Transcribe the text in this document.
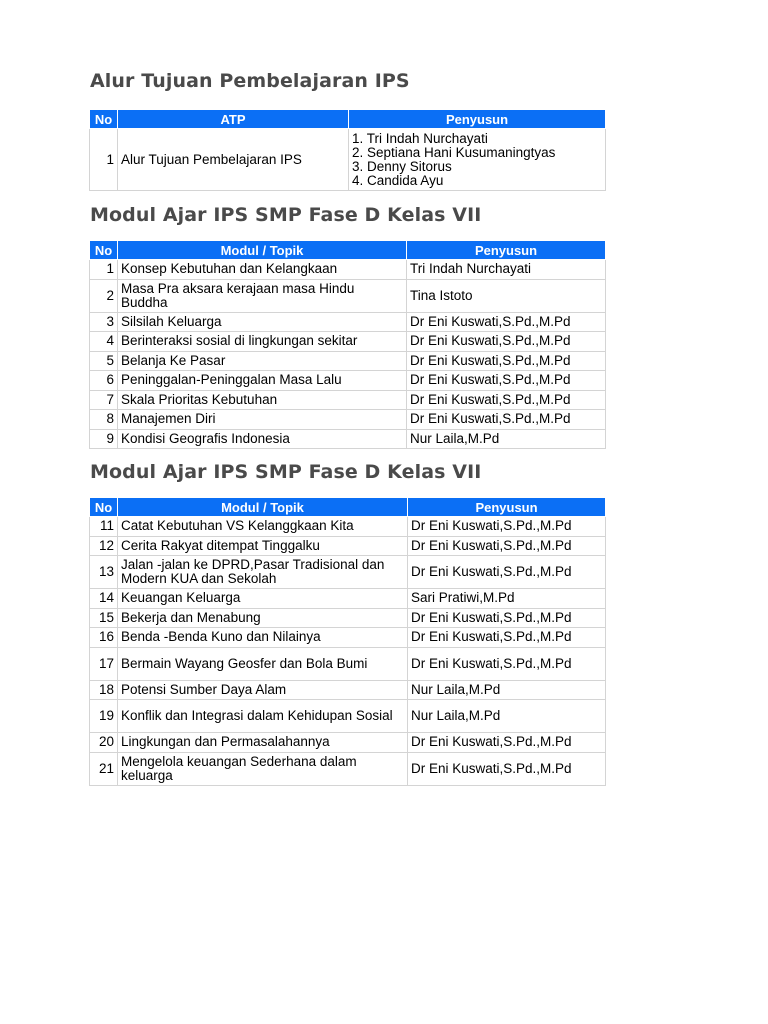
Alur Tujuan Pembelajaran IPS
No	ATP	Penyusun
1	Alur Tujuan Pembelajaran IPS	1. Tri Indah Nurchayati
2. Septiana Hani Kusumaningtyas
3. Denny Sitorus
4. Candida Ayu
Modul Ajar IPS SMP Fase D Kelas VII
No	Modul / Topik	Penyusun
1	Konsep Kebutuhan dan Kelangkaan	Tri Indah Nurchayati
2	Masa Pra aksara kerajaan masa Hindu Buddha	Tina Istoto
3	Silsilah Keluarga	Dr Eni Kuswati,S.Pd.,M.Pd
4	Berinteraksi sosial di lingkungan sekitar	Dr Eni Kuswati,S.Pd.,M.Pd
5	Belanja Ke Pasar	Dr Eni Kuswati,S.Pd.,M.Pd
6	Peninggalan-Peninggalan Masa Lalu	Dr Eni Kuswati,S.Pd.,M.Pd
7	Skala Prioritas Kebutuhan	Dr Eni Kuswati,S.Pd.,M.Pd
8	Manajemen Diri	Dr Eni Kuswati,S.Pd.,M.Pd
9	Kondisi Geografis Indonesia	Nur Laila,M.Pd
Modul Ajar IPS SMP Fase D Kelas VII
No	Modul / Topik	Penyusun
11	Catat Kebutuhan VS Kelanggkaan Kita	Dr Eni Kuswati,S.Pd.,M.Pd
12	Cerita Rakyat ditempat Tinggalku	Dr Eni Kuswati,S.Pd.,M.Pd
13	Jalan -jalan ke DPRD,Pasar Tradisional dan Modern KUA dan Sekolah	Dr Eni Kuswati,S.Pd.,M.Pd
14	Keuangan Keluarga	Sari Pratiwi,M.Pd
15	Bekerja dan Menabung	Dr Eni Kuswati,S.Pd.,M.Pd
16	Benda -Benda Kuno dan Nilainya	Dr Eni Kuswati,S.Pd.,M.Pd
17	Bermain Wayang Geosfer dan Bola Bumi	Dr Eni Kuswati,S.Pd.,M.Pd
18	Potensi Sumber Daya Alam	Nur Laila,M.Pd
19	Konflik dan Integrasi dalam Kehidupan Sosial	Nur Laila,M.Pd
20	Lingkungan dan Permasalahannya	Dr Eni Kuswati,S.Pd.,M.Pd
21	Mengelola keuangan Sederhana dalam keluarga	Dr Eni Kuswati,S.Pd.,M.Pd
